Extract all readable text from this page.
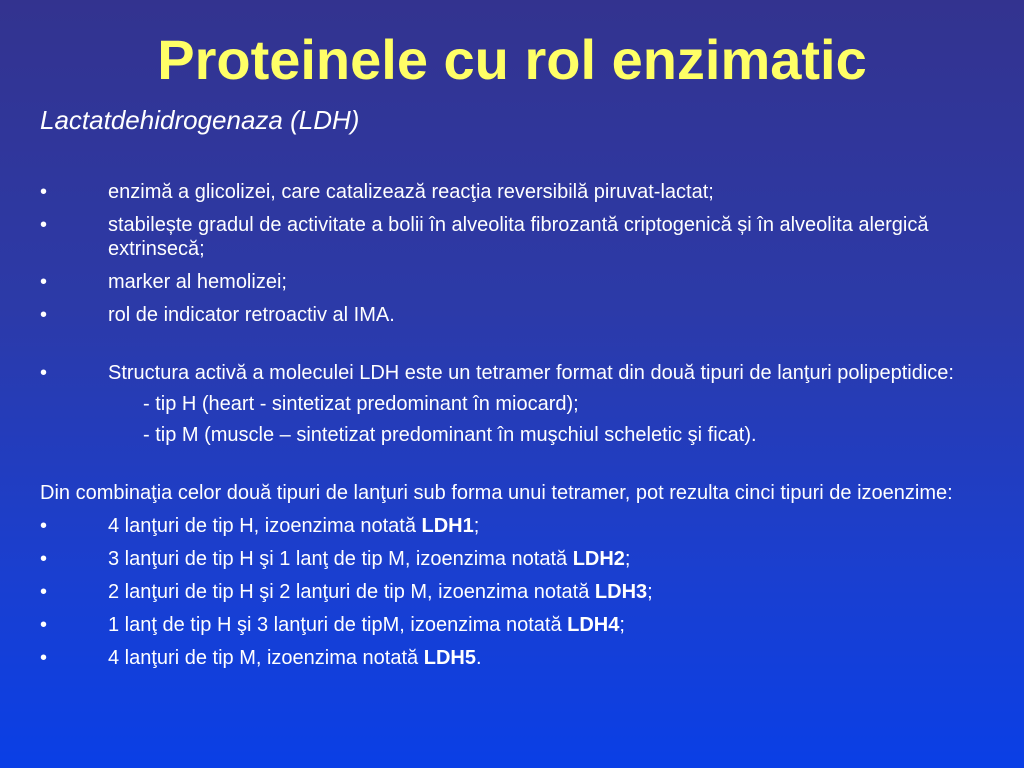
Proteinele cu rol enzimatic
Lactatdehidrogenaza (LDH)
•	enzimă a glicolizei, care catalizează reacţia reversibilă piruvat-lactat;
•	stabilește gradul de activitate a bolii în alveolita fibrozantă criptogenică și în alveolita alergică extrinsecă;
•	marker al hemolizei;
•	rol de indicator retroactiv al IMA.
•	Structura activă a moleculei LDH este un tetramer format din două tipuri de lanţuri polipeptidice:
- tip H (heart - sintetizat predominant în miocard);
- tip M (muscle – sintetizat predominant în muşchiul scheletic şi ficat).
Din combinaţia celor două tipuri de lanţuri sub forma unui tetramer, pot rezulta cinci tipuri de izoenzime:
•	4 lanţuri de tip H, izoenzima notată LDH1;
•	3 lanţuri de tip H şi 1 lanţ de tip M, izoenzima notată LDH2;
•	2 lanţuri de tip H şi 2 lanţuri de tip M, izoenzima notată LDH3;
•	1 lanţ de tip H şi 3 lanţuri de tipM, izoenzima notată LDH4;
•	4 lanţuri de tip M, izoenzima notată LDH5.
